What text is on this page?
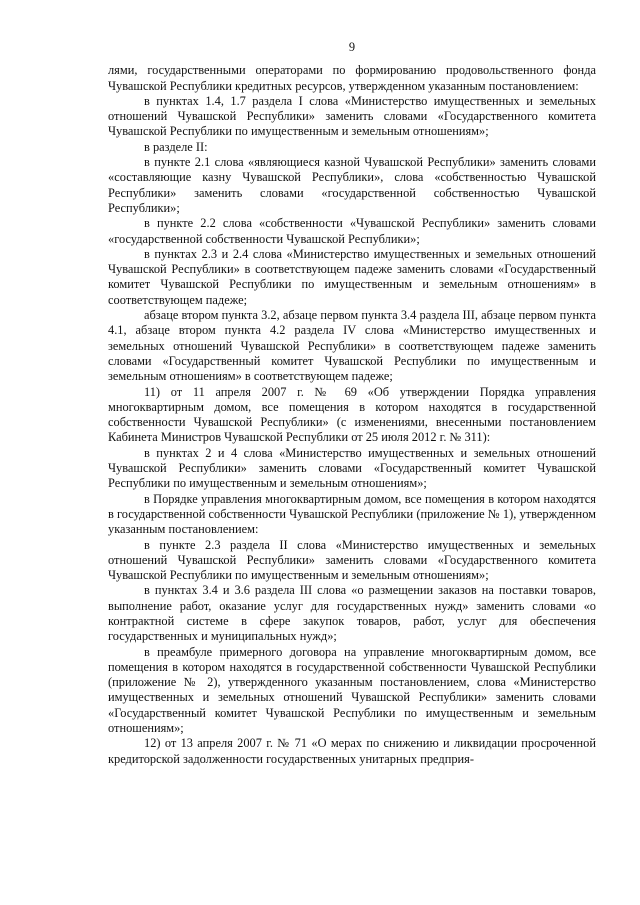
9

лями, государственными операторами по формированию продовольственного фонда Чувашской Республики кредитных ресурсов, утвержденном указанным постановлением:

в пунктах 1.4, 1.7 раздела I слова «Министерство имущественных и земельных отношений Чувашской Республики» заменить словами «Государственного комитета Чувашской Республики по имущественным и земельным отношениям»;

в разделе II:

в пункте 2.1 слова «являющиеся казной Чувашской Республики» заменить словами «составляющие казну Чувашской Республики», слова «собственностью Чувашской Республики» заменить словами «государственной собственностью Чувашской Республики»;

в пункте 2.2 слова «собственности «Чувашской Республики» заменить словами «государственной собственности Чувашской Республики»;

в пунктах 2.3 и 2.4 слова «Министерство имущественных и земельных отношений Чувашской Республики» в соответствующем падеже заменить словами «Государственный комитет Чувашской Республики по имущественным и земельным отношениям» в соответствующем падеже;

абзаце втором пункта 3.2, абзаце первом пункта 3.4 раздела III, абзаце первом пункта 4.1, абзаце втором пункта 4.2 раздела IV слова «Министерство имущественных и земельных отношений Чувашской Республики» в соответствующем падеже заменить словами «Государственный комитет Чувашской Республики по имущественным и земельным отношениям» в соответствующем падеже;

11) от 11 апреля 2007 г. № 69 «Об утверждении Порядка управления многоквартирным домом, все помещения в котором находятся в государственной собственности Чувашской Республики» (с изменениями, внесенными постановлением Кабинета Министров Чувашской Республики от 25 июля 2012 г. № 311):

в пунктах 2 и 4 слова «Министерство имущественных и земельных отношений Чувашской Республики» заменить словами «Государственный комитет Чувашской Республики по имущественным и земельным отношениям»;

в Порядке управления многоквартирным домом, все помещения в котором находятся в государственной собственности Чувашской Республики (приложение № 1), утвержденном указанным постановлением:

в пункте 2.3 раздела II слова «Министерство имущественных и земельных отношений Чувашской Республики» заменить словами «Государственного комитета Чувашской Республики по имущественным и земельным отношениям»;

в пунктах 3.4 и 3.6 раздела III слова «о размещении заказов на поставки товаров, выполнение работ, оказание услуг для государственных нужд» заменить словами «о контрактной системе в сфере закупок товаров, работ, услуг для обеспечения государственных и муниципальных нужд»;

в преамбуле примерного договора на управление многоквартирным домом, все помещения в котором находятся в государственной собственности Чувашской Республики (приложение № 2), утвержденного указанным постановлением, слова «Министерство имущественных и земельных отношений Чувашской Республики» заменить словами «Государственный комитет Чувашской Республики по имущественным и земельным отношениям»;

12) от 13 апреля 2007 г. № 71 «О мерах по снижению и ликвидации просроченной кредиторской задолженности государственных унитарных предприя-
